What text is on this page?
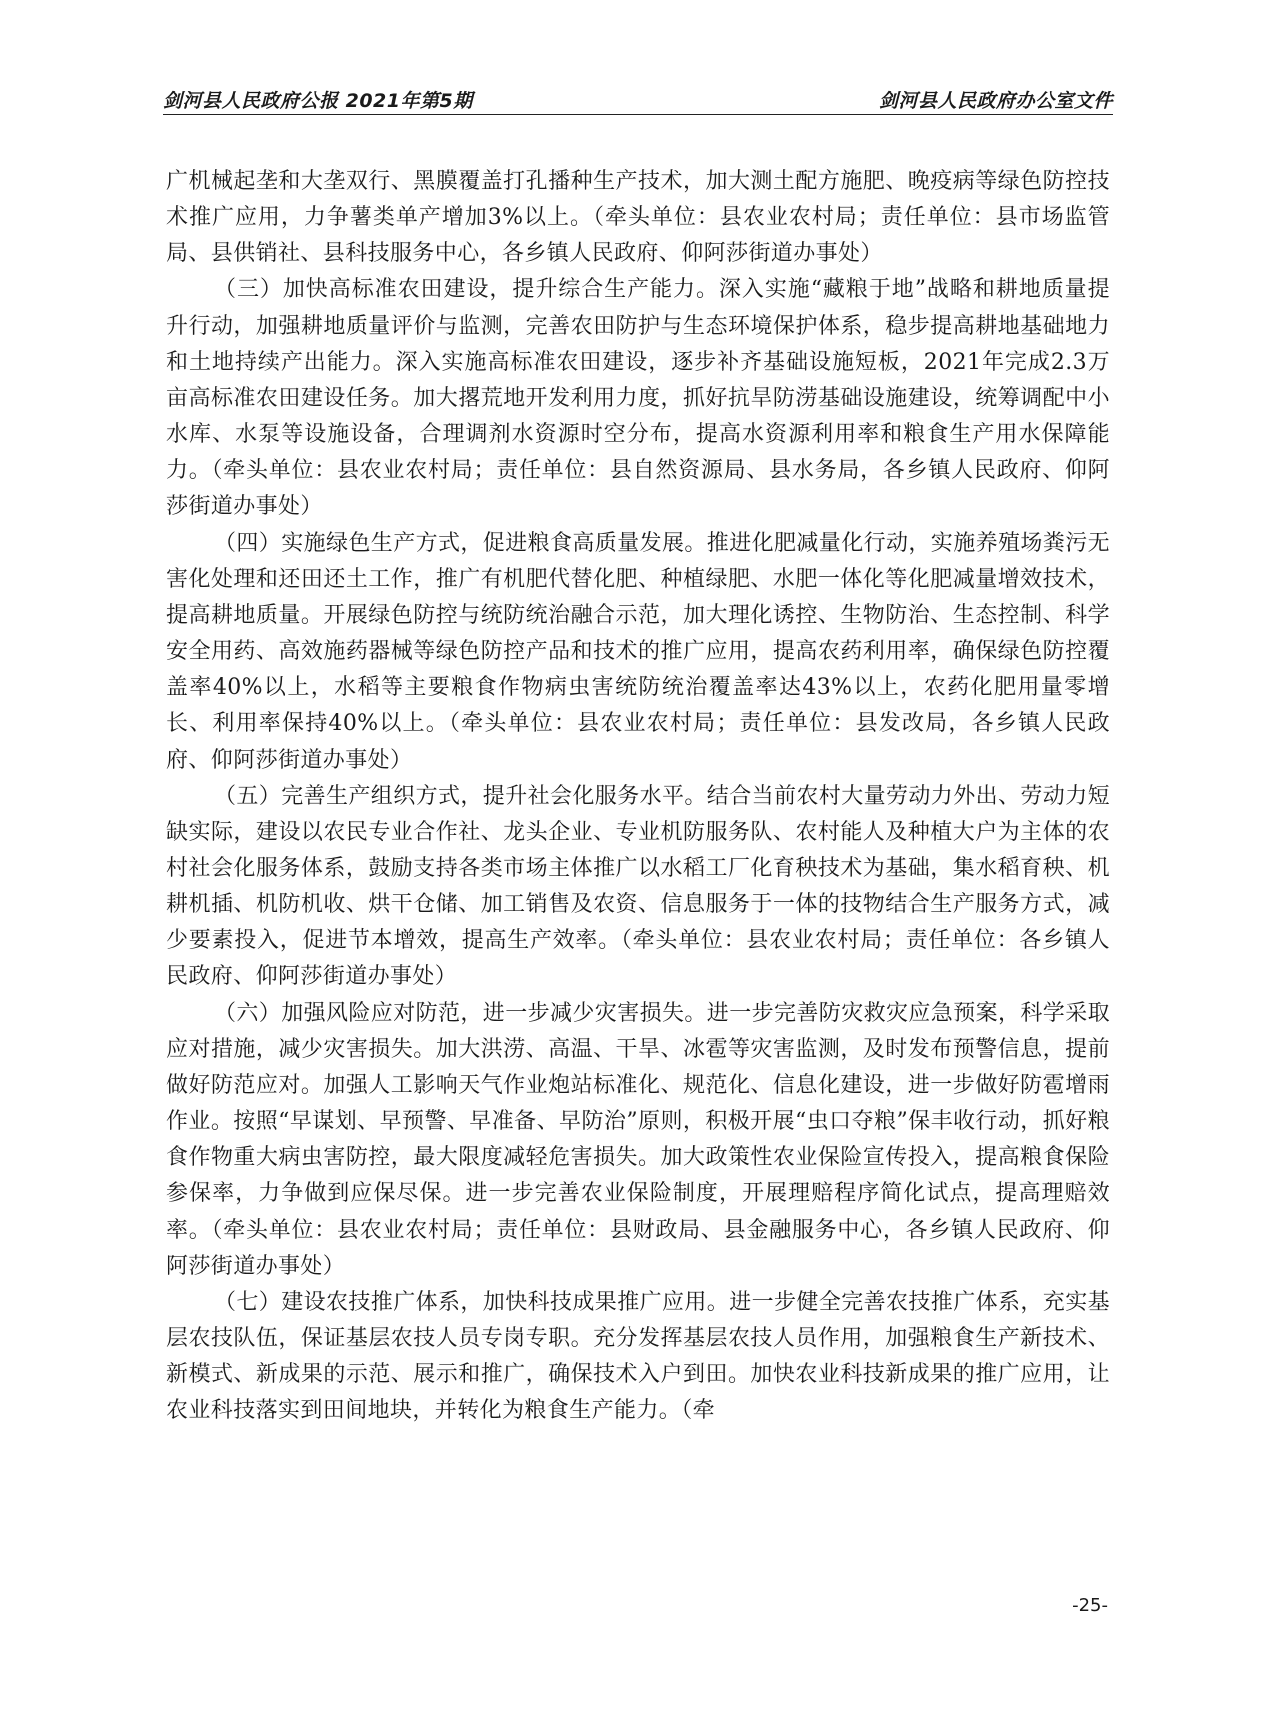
剑河县人民政府公报 2021年第5期	剑河县人民政府办公室文件

广机械起垄和大垄双行、黑膜覆盖打孔播种生产技术，加大测土配方施肥、晚疫病等绿色防控技术推广应用，力争薯类单产增加3%以上。（牵头单位：县农业农村局；责任单位：县市场监管局、县供销社、县科技服务中心，各乡镇人民政府、仰阿莎街道办事处）

（三）加快高标准农田建设，提升综合生产能力。深入实施“藏粮于地”战略和耕地质量提升行动，加强耕地质量评价与监测，完善农田防护与生态环境保护体系，稳步提高耕地基础地力和土地持续产出能力。深入实施高标准农田建设，逐步补齐基础设施短板，2021年完成2.3万亩高标准农田建设任务。加大撂荒地开发利用力度，抓好抗旱防涝基础设施建设，统筹调配中小水库、水泵等设施设备，合理调剂水资源时空分布，提高水资源利用率和粮食生产用水保障能力。（牵头单位：县农业农村局；责任单位：县自然资源局、县水务局，各乡镇人民政府、仰阿莎街道办事处）

（四）实施绿色生产方式，促进粮食高质量发展。推进化肥减量化行动，实施养殖场粪污无害化处理和还田还土工作，推广有机肥代替化肥、种植绿肥、水肥一体化等化肥减量增效技术，提高耕地质量。开展绿色防控与统防统治融合示范，加大理化诱控、生物防治、生态控制、科学安全用药、高效施药器械等绿色防控产品和技术的推广应用，提高农药利用率，确保绿色防控覆盖率40%以上，水稻等主要粮食作物病虫害统防统治覆盖率达43%以上，农药化肥用量零增长、利用率保持40%以上。（牵头单位：县农业农村局；责任单位：县发改局，各乡镇人民政府、仰阿莎街道办事处）

（五）完善生产组织方式，提升社会化服务水平。结合当前农村大量劳动力外出、劳动力短缺实际，建设以农民专业合作社、龙头企业、专业机防服务队、农村能人及种植大户为主体的农村社会化服务体系，鼓励支持各类市场主体推广以水稻工厂化育秧技术为基础，集水稻育秧、机耕机插、机防机收、烘干仓储、加工销售及农资、信息服务于一体的技物结合生产服务方式，减少要素投入，促进节本增效，提高生产效率。（牵头单位：县农业农村局；责任单位：各乡镇人民政府、仰阿莎街道办事处）

（六）加强风险应对防范，进一步减少灾害损失。进一步完善防灾救灾应急预案，科学采取应对措施，减少灾害损失。加大洪涝、高温、干旱、冰雹等灾害监测，及时发布预警信息，提前做好防范应对。加强人工影响天气作业炮站标准化、规范化、信息化建设，进一步做好防雹增雨作业。按照“早谋划、早预警、早准备、早防治”原则，积极开展“虫口夺粮”保丰收行动，抓好粮食作物重大病虫害防控，最大限度减轻危害损失。加大政策性农业保险宣传投入，提高粮食保险参保率，力争做到应保尽保。进一步完善农业保险制度，开展理赔程序简化试点，提高理赔效率。（牵头单位：县农业农村局；责任单位：县财政局、县金融服务中心，各乡镇人民政府、仰阿莎街道办事处）

（七）建设农技推广体系，加快科技成果推广应用。进一步健全完善农技推广体系，充实基层农技队伍，保证基层农技人员专岗专职。充分发挥基层农技人员作用，加强粮食生产新技术、新模式、新成果的示范、展示和推广，确保技术入户到田。加快农业科技新成果的推广应用，让农业科技落实到田间地块，并转化为粮食生产能力。（牵

-25-
